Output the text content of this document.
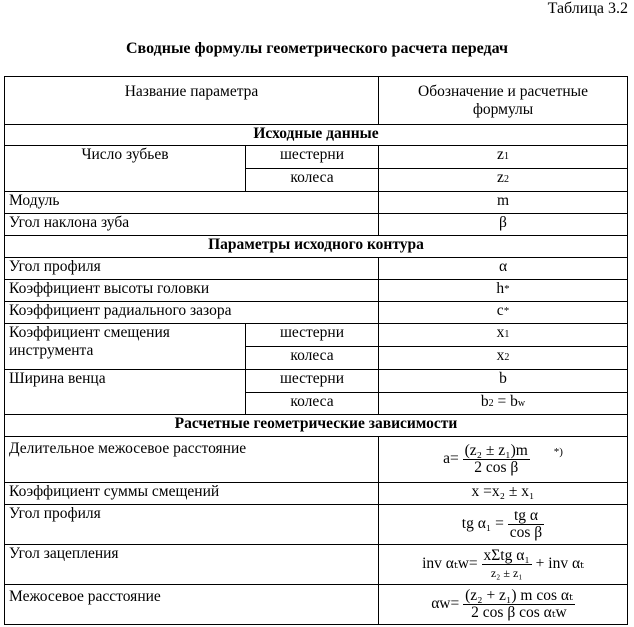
Таблица 3.2
Сводные формулы геометрического расчета передач
Название параметра		Обозначение и расчетные
формулы
Исходные данные		
Число зубьев	шестерни	z1
	колеса	z2
Модуль		m
Угол наклона зуба		β
Параметры исходного контура		
Угол профиля		α
Коэффициент высоты головки		h*
Коэффициент радиального зазора		c*
Коэффициент смещения
инструмента	шестерни	x1
	колеса	x2
Ширина венца	шестерни	b
	колеса	b2 = bw
Расчетные геометрические зависимости		
Делительное межосевое расстояние		$a= \frac{\text{(z₂ ± z₁)m}}{\text{2 cos β}} ^{*)}$
Коэффициент суммы смещений		x =x₂ ± x₁
Угол профиля		tg $\alpha_1 = \frac{\text{tg α}}{\text{cos β}}$

Угол зацепления		inv $\alpha_tw= \frac{\text{xΣtg α₁}}{\text{z₂ ± z₁}}$ + inv αₜ
Межосевое расстояние		$\alpha w= \frac{\text{(z₂ + z₁) m cos αₜ}}{\text{2 cos β cos αₜw}}$
